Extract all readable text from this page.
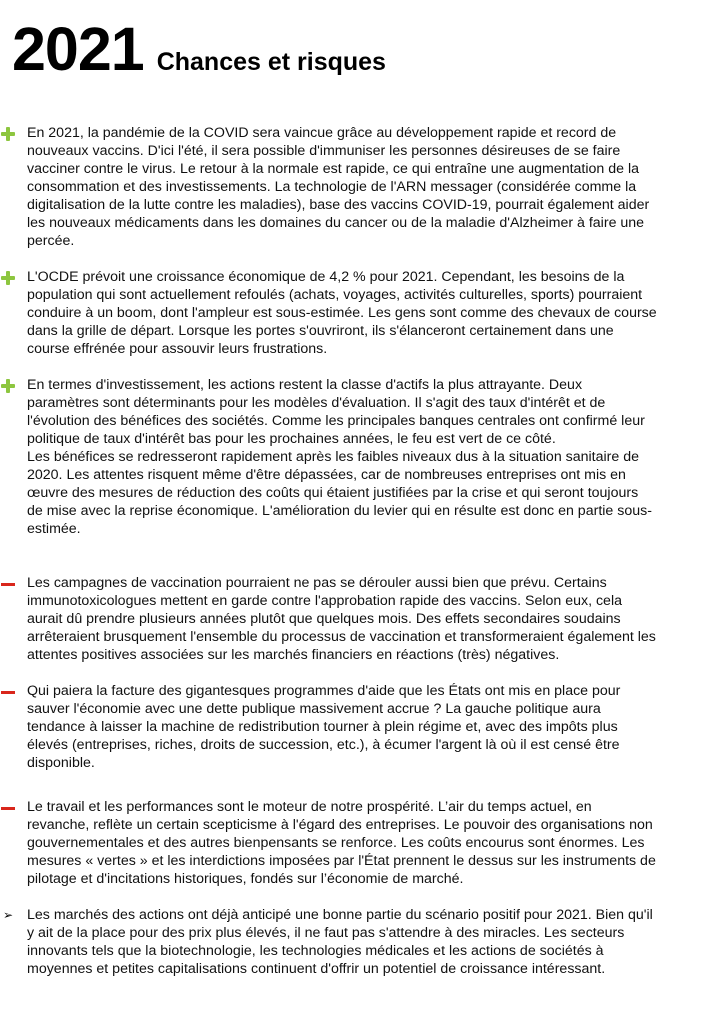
2021 Chances et risques

En 2021, la pandémie de la COVID sera vaincue grâce au développement rapide et record de
nouveaux vaccins. D'ici l'été, il sera possible d'immuniser les personnes désireuses de se faire
vacciner contre le virus. Le retour à la normale est rapide, ce qui entraîne une augmentation de la
consommation et des investissements. La technologie de l'ARN messager (considérée comme la
digitalisation de la lutte contre les maladies), base des vaccins COVID-19, pourrait également aider
les nouveaux médicaments dans les domaines du cancer ou de la maladie d'Alzheimer à faire une
percée.

L'OCDE prévoit une croissance économique de 4,2 % pour 2021. Cependant, les besoins de la
population qui sont actuellement refoulés (achats, voyages, activités culturelles, sports) pourraient
conduire à un boom, dont l'ampleur est sous-estimée. Les gens sont comme des chevaux de course
dans la grille de départ. Lorsque les portes s'ouvriront, ils s'élanceront certainement dans une
course effrénée pour assouvir leurs frustrations.

En termes d'investissement, les actions restent la classe d'actifs la plus attrayante. Deux
paramètres sont déterminants pour les modèles d'évaluation. Il s'agit des taux d'intérêt et de
l'évolution des bénéfices des sociétés. Comme les principales banques centrales ont confirmé leur
politique de taux d'intérêt bas pour les prochaines années, le feu est vert de ce côté.

Les bénéfices se redresseront rapidement après les faibles niveaux dus à la situation sanitaire de
2020. Les attentes risquent même d'être dépassées, car de nombreuses entreprises ont mis en
œuvre des mesures de réduction des coûts qui étaient justifiées par la crise et qui seront toujours
de mise avec la reprise économique. L'amélioration du levier qui en résulte est donc en partie sous-
estimée.

Les campagnes de vaccination pourraient ne pas se dérouler aussi bien que prévu. Certains
immunotoxicologues mettent en garde contre l'approbation rapide des vaccins. Selon eux, cela
aurait dû prendre plusieurs années plutôt que quelques mois. Des effets secondaires soudains
arrêteraient brusquement l'ensemble du processus de vaccination et transformeraient également les
attentes positives associées sur les marchés financiers en réactions (très) négatives.

Qui paiera la facture des gigantesques programmes d'aide que les États ont mis en place pour
sauver l'économie avec une dette publique massivement accrue ? La gauche politique aura
tendance à laisser la machine de redistribution tourner à plein régime et, avec des impôts plus
élevés (entreprises, riches, droits de succession, etc.), à écumer l'argent là où il est censé être
disponible.

Le travail et les performances sont le moteur de notre prospérité. L’air du temps actuel, en
revanche, reflète un certain scepticisme à l'égard des entreprises. Le pouvoir des organisations non
gouvernementales et des autres bienpensants se renforce. Les coûts encourus sont énormes. Les
mesures « vertes » et les interdictions imposées par l'État prennent le dessus sur les instruments de
pilotage et d'incitations historiques, fondés sur l’économie de marché.

➢ Les marchés des actions ont déjà anticipé une bonne partie du scénario positif pour 2021. Bien qu'il
y ait de la place pour des prix plus élevés, il ne faut pas s'attendre à des miracles. Les secteurs
innovants tels que la biotechnologie, les technologies médicales et les actions de sociétés à
moyennes et petites capitalisations continuent d'offrir un potentiel de croissance intéressant.
